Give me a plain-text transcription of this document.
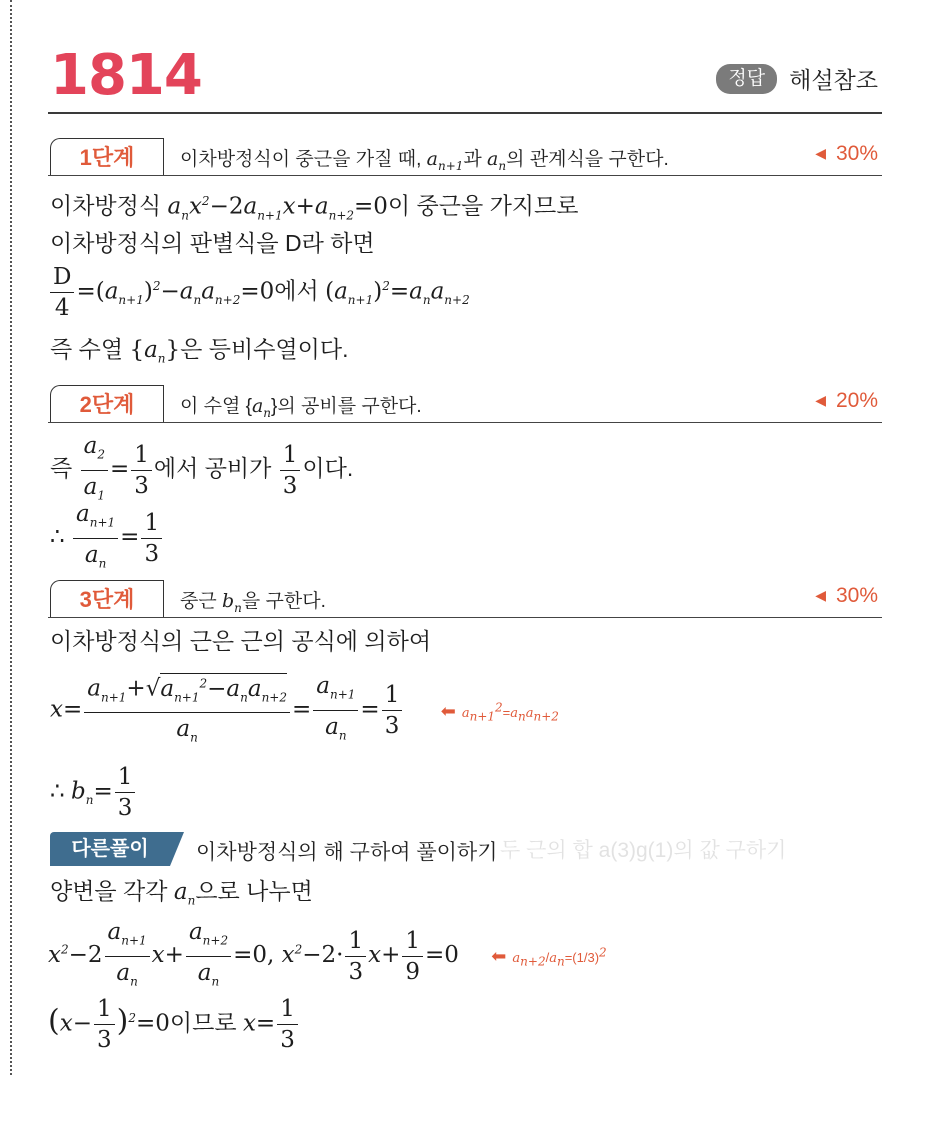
1814	정답	해설참조
1단계	이차방정식이 중근을 가질 때, $a_{n+1}$과 $a_n$의 관계식을 구한다.	◀ 30%
이차방정식 $a_nx^2-2a_{n+1}x+a_{n+2}=0$이 중근을 가지므로
이차방정식의 판별식을 D라 하면
$\frac{D}{4} =(a_{n+1})^2-a_na_{n+2}=0$에서 $(a_{n+1})^2=a_na_{n+2}$
즉 수열 $\{a_n\}$은 등비수열이다.
2단계	이 수열 $\{a_n\}$의 공비를 구한다.	◀ 20%
즉 $\frac{a_2}{a_1} = \frac{1}{3}$ 에서 공비가 $\frac{1}{3}$ 이다.
∴ $\frac{a_{n+1}}{a_n} = \frac{1}{3}$
3단계	중근 $b_n$을 구한다.	◀ 30%
이차방정식의 근은 근의 공식에 의하여
$x= \frac{a_{n+1}+√a_{n+1}^2-a_na_{n+2}}{a_n} = \frac{a_{n+1}}{a_n} = \frac{1}{3}$ ⬅ $a_{n+1}^2=a_na_{n+2}$
∴ $b_n= \frac{1}{3}$
두 근의 합 a(3)g(1)의 값 구하기
다른풀이	이차방정식의 해 구하여 풀이하기
양변을 각각 $a_n$으로 나누면
$x^2-2 \frac{a_{n+1}}{a_n} x+ \frac{a_{n+2}}{a_n} =0$, $x^2-2\cdot \frac{1}{3} x+ \frac{1}{9} =0$ ⬅ $a_{n+2}/a_n=(1/3)^2$
$(x- \frac{1}{3} )^2=0$이므로 $x= \frac{1}{3}$
